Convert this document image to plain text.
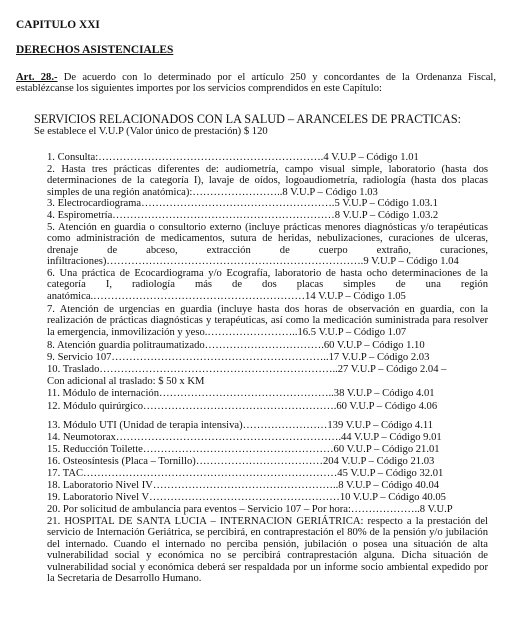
CAPITULO XXI
DERECHOS ASISTENCIALES
Art. 28.- De acuerdo con lo determinado por el artículo 250 y concordantes de la Ordenanza Fiscal, establézcanse los siguientes importes por los servicios comprendidos en este Capítulo:
SERVICIOS RELACIONADOS CON LA SALUD – ARANCELES DE PRACTICAS:
Se establece el V.U.P (Valor único de prestación) $ 120
1. Consulta:……………………………………………………….4 V.U.P – Código 1.01
2. Hasta tres prácticas diferentes de: audiometría, campo visual simple, laboratorio (hasta dos determinaciones de la categoría I), lavaje de oídos, logoaudiometría, radiología (hasta dos placas simples de una región anatómica):……………………..8 V.U.P – Código 1.03
3. Electrocardiograma……………………………………………….5 V.U.P – Código 1.03.1
4. Espirometría………………………………………………………8 V.U.P – Código 1.03.2
5. Atención en guardia o consultorio externo (incluye prácticas menores diagnósticas y/o terapéuticas como administración de medicamentos, sutura de heridas, nebulizaciones, curaciones de ulceras, drenaje de abceso, extracción de cuerpo extraño, curaciones, infiltraciones)……………………………………………………………….9 V.U.P – Código 1.04
6. Una práctica de Ecocardiograma y/o Ecografía, laboratorio de hasta ocho determinaciones de la categoría I, radiología más de dos placas simples de una región anatómica.……………………………………………………14 V.U.P – Código 1.05
7. Atención de urgencias en guardia (incluye hasta dos horas de observación en guardia, con la realización de prácticas diagnósticas y terapéuticas, así como la medicación suministrada para resolver la emergencia, inmovilización y yeso.……………………..16.5 V.U.P – Código 1.07
8. Atención guardia politraumatizado…………………………….60 V.U.P – Código 1.10
9. Servicio 107……………………………………………………..17 V.U.P – Código 2.03
10. Traslado…………………………………………………………..27 V.U.P – Código 2.04 –
Con adicional al traslado: $ 50 x KM
11. Módulo de internación…………………………………………..38 V.U.P – Código 4.01
12. Módulo quirúrgico……………………………………………….60 V.U.P – Código 4.06
13. Módulo UTI (Unidad de terapia intensiva)……………………139 V.U.P – Código 4.11
14. Neumotorax……………………………………………………….44 V.U.P – Código 9.01
15. Reducción Toilette………………………………………………60 V.U.P – Código 21.01
16. Osteosíntesis (Placa – Tornillo)………………………………204 V.U.P – Código 21.03
17. TAC………………………………………………………………45 V.U.P – Código 32.01
18. Laboratorio Nivel IV……………………………………………..8 V.U.P – Código 40.04
19. Laboratorio Nivel V………………………………………………10 V.U.P – Código 40.05
20. Por solicitud de ambulancia para eventos – Servicio 107 – Por hora:………………..8 V.U.P
21. HOSPITAL DE SANTA LUCIA – INTERNACION GERIÁTRICA: respecto a la prestación del servicio de Internación Geriátrica, se percibirá, en contraprestación el 80% de la pensión y/o jubilación del internado. Cuando el internado no perciba pensión, jubilación o posea una situación de alta vulnerabilidad social y económica no se percibirá contraprestación alguna. Dicha situación de vulnerabilidad social y económica deberá ser respaldada por un informe socio ambiental expedido por la Secretaria de Desarrollo Humano.
